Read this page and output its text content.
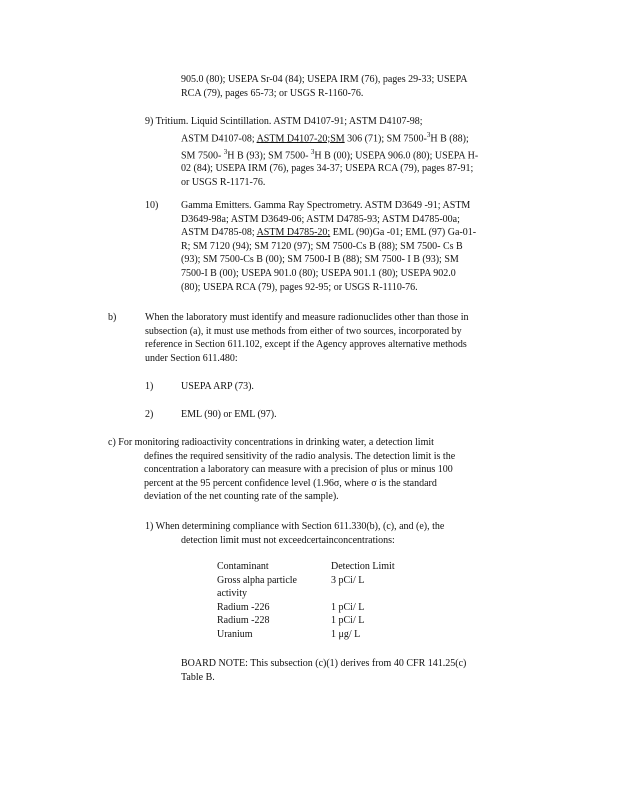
905.0 (80); USEPA Sr-04 (84); USEPA IRM (76), pages 29-33; USEPA
RCA (79), pages 65-73; or USGS R-1160-76.
9) Tritium. Liquid Scintillation. ASTM D4107-91; ASTM D4107-98;
ASTM D4107-08; ASTM D4107-20;SM 306 (71); SM 7500-$^3$H B (88);
SM 7500- $^3$H B (93); SM 7500- $^3$H B (00); USEPA 906.0 (80); USEPA H-
02 (84); USEPA IRM (76), pages 34-37; USEPA RCA (79), pages 87-91;
or USGS R-1171-76.
10) Gamma Emitters. Gamma Ray Spectrometry. ASTM D3649 -91; ASTM
D3649-98a; ASTM D3649-06; ASTM D4785-93; ASTM D4785-00a;
ASTM D4785-08; ASTM D4785-20; EML (90)Ga -01; EML (97) Ga-01-
R; SM 7120 (94); SM 7120 (97); SM 7500-Cs B (88); SM 7500- Cs B
(93); SM 7500-Cs B (00); SM 7500-I B (88); SM 7500- I B (93); SM
7500-I B (00); USEPA 901.0 (80); USEPA 901.1 (80); USEPA 902.0
(80); USEPA RCA (79), pages 92-95; or USGS R-1110-76.
b)	When the laboratory must identify and measure radionuclides other than those in
subsection (a), it must use methods from either of two sources, incorporated by
reference in Section 611.102, except if the Agency approves alternative methods
under Section 611.480:
1)	USEPA ARP (73).
2)	EML (90) or EML (97).
c) For monitoring radioactivity concentrations in drinking water, a detection limit
defines the required sensitivity of the radio analysis. The detection limit is the
concentration a laboratory can measure with a precision of plus or minus 100
percent at the 95 percent confidence level (1.96σ, where σ is the standard
deviation of the net counting rate of the sample).
1) When determining compliance with Section 611.330(b), (c), and (e), the
detection limit must not exceedcertainconcentrations:
Contaminant	Detection Limit
Gross alpha particle	3 pCi/ L
activity	
Radium -226	1 pCi/ L
Radium -228	1 pCi/ L
Uranium	1 μg/ L
BOARD NOTE: This subsection (c)(1) derives from 40 CFR 141.25(c)
Table B.
